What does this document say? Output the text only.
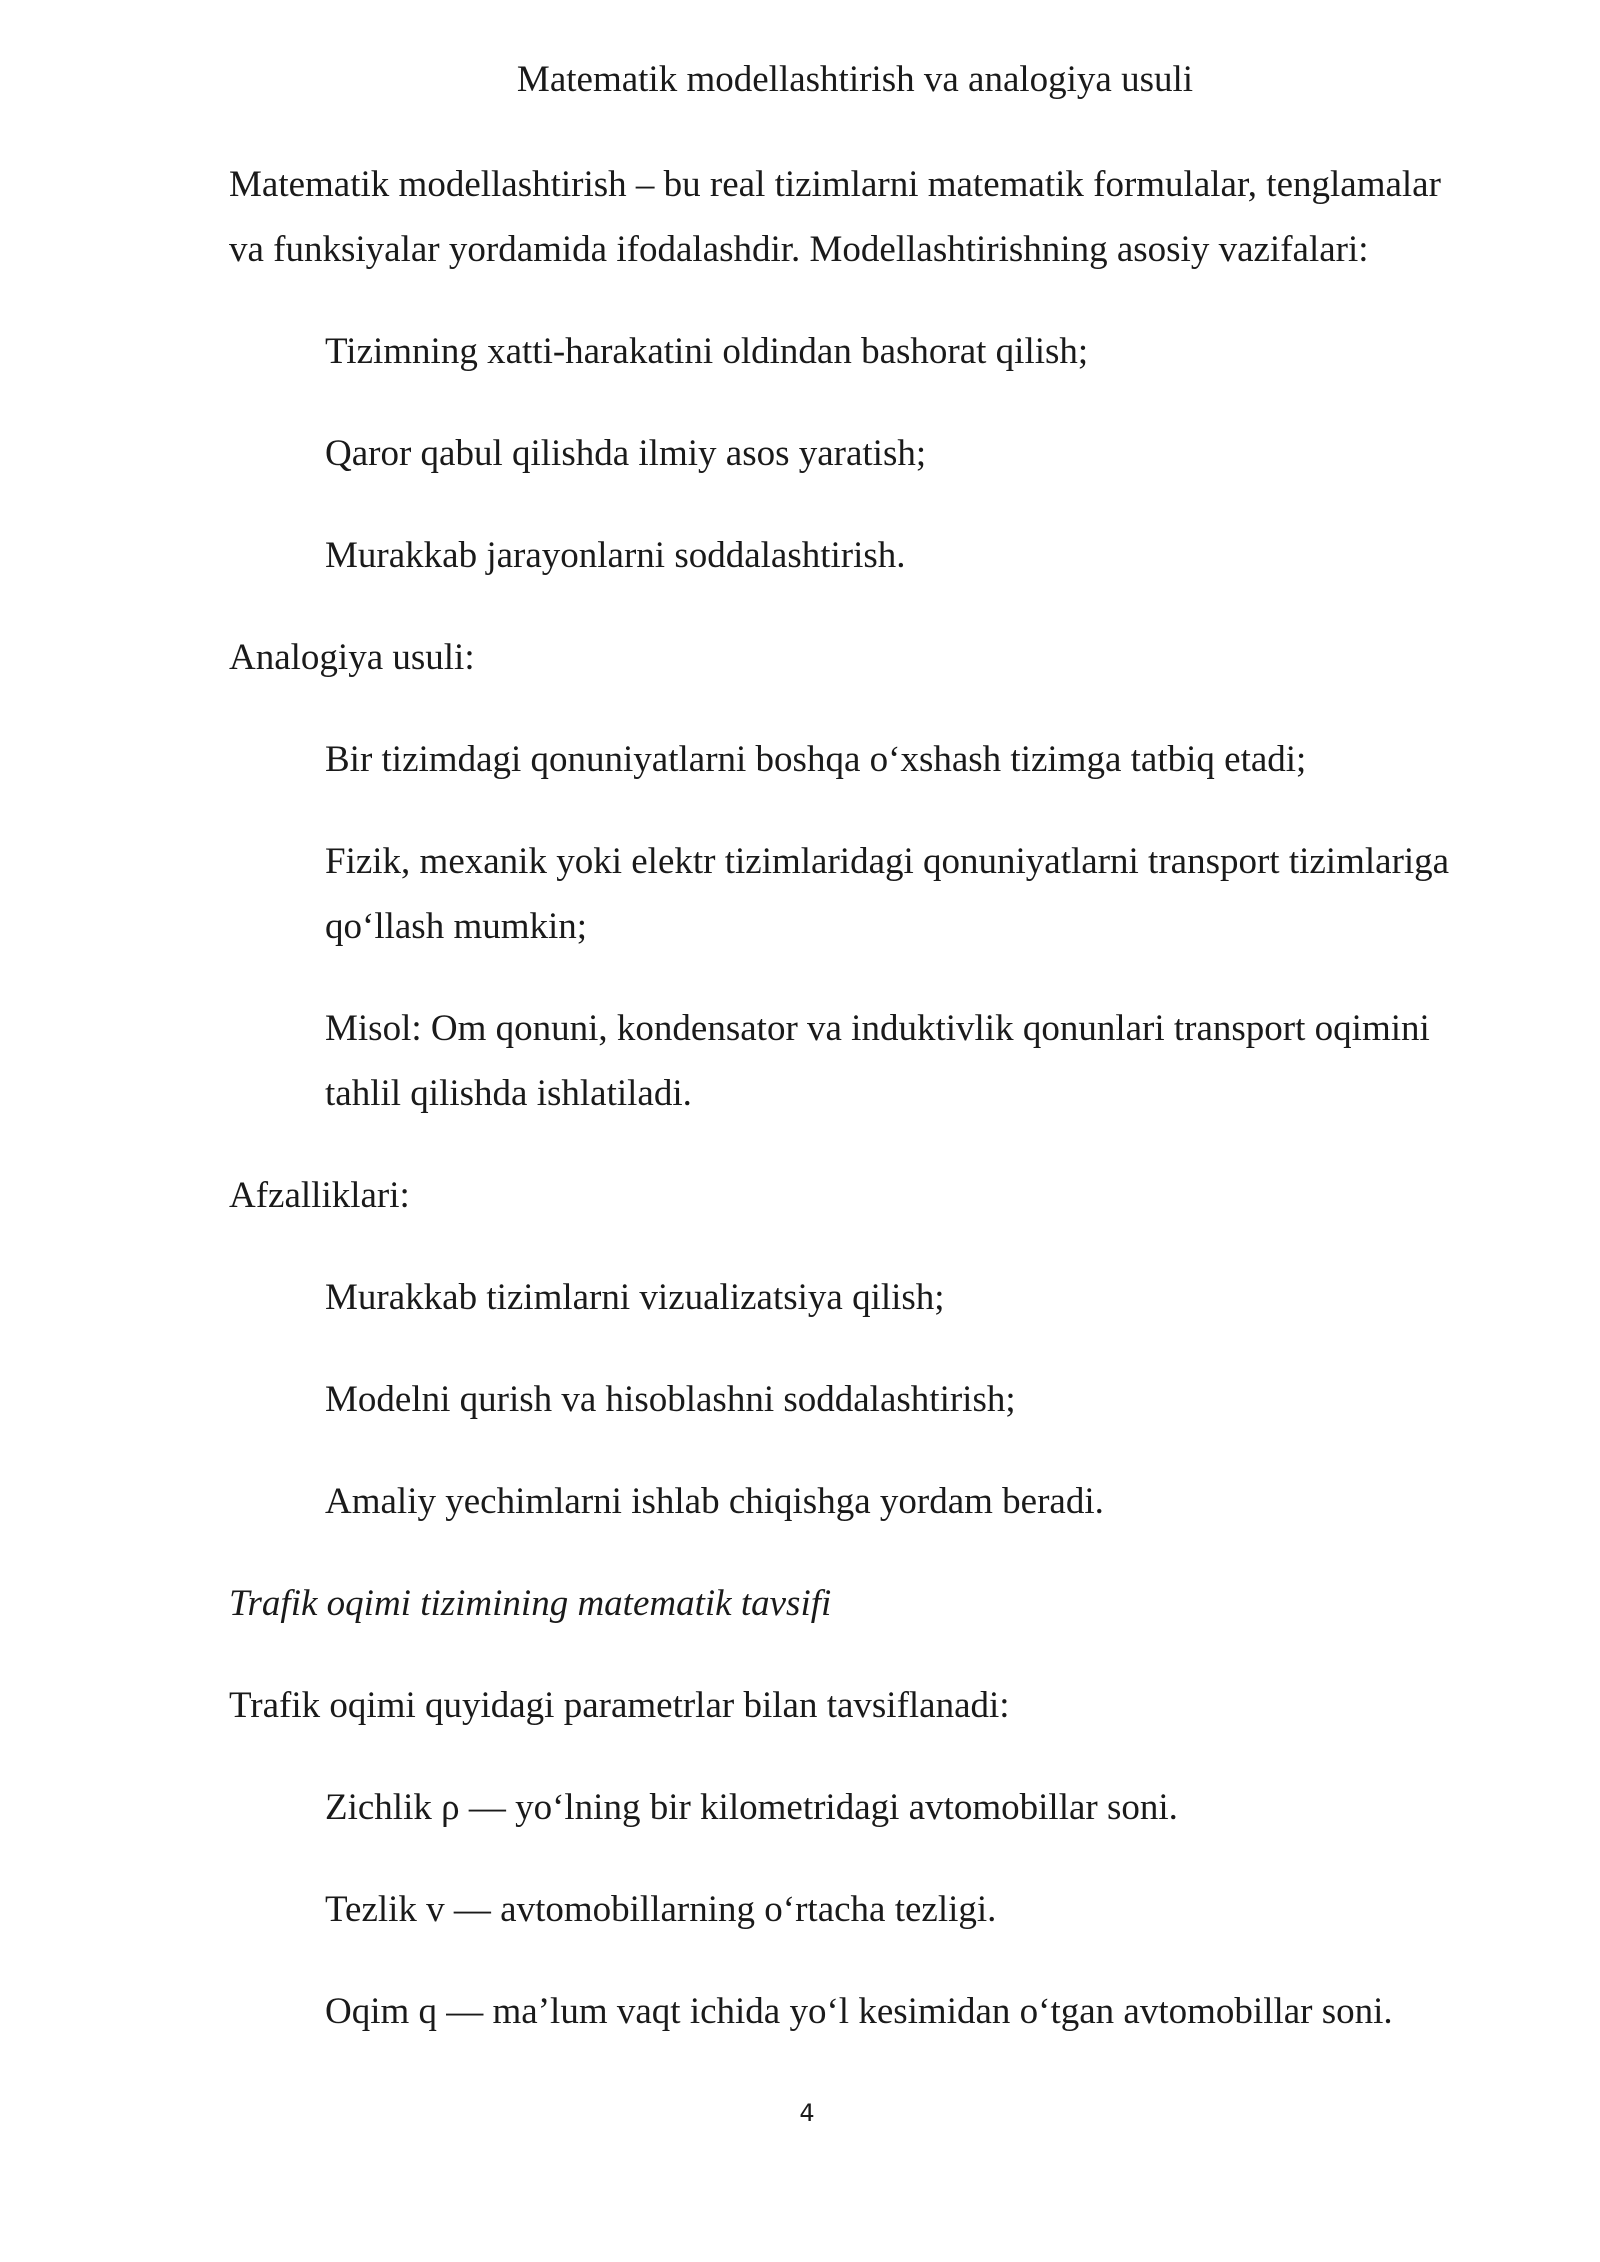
Matematik modellashtirish va analogiya usuli

Matematik modellashtirish – bu real tizimlarni matematik formulalar, tenglamalar va funksiyalar yordamida ifodalashdir. Modellashtirishning asosiy vazifalari:

Tizimning xatti-harakatini oldindan bashorat qilish;

Qaror qabul qilishda ilmiy asos yaratish;

Murakkab jarayonlarni soddalashtirish.

Analogiya usuli:

Bir tizimdagi qonuniyatlarni boshqa o‘xshash tizimga tatbiq etadi;

Fizik, mexanik yoki elektr tizimlaridagi qonuniyatlarni transport tizimlariga qo‘llash mumkin;

Misol: Om qonuni, kondensator va induktivlik qonunlari transport oqimini tahlil qilishda ishlatiladi.

Afzalliklari:

Murakkab tizimlarni vizualizatsiya qilish;

Modelni qurish va hisoblashni soddalashtirish;

Amaliy yechimlarni ishlab chiqishga yordam beradi.

Trafik oqimi tizimining matematik tavsifi

Trafik oqimi quyidagi parametrlar bilan tavsiflanadi:

Zichlik ρ — yo‘lning bir kilometridagi avtomobillar soni.

Tezlik v — avtomobillarning o‘rtacha tezligi.

Oqim q — ma’lum vaqt ichida yo‘l kesimidan o‘tgan avtomobillar soni.

4
